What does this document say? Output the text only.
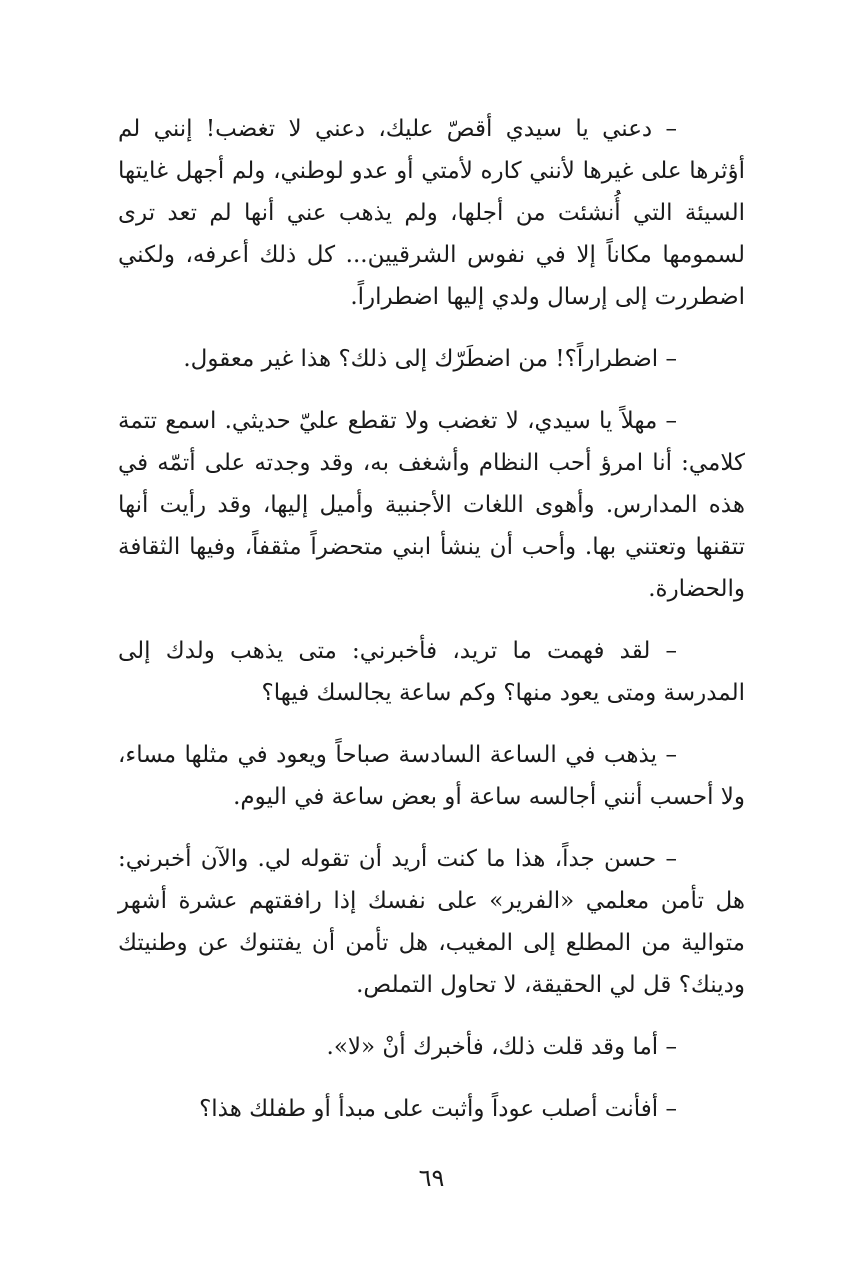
– دعني يا سيدي أقصّ عليك، دعني لا تغضب! إنني لم أؤثرها على غيرها لأنني كاره لأمتي أو عدو لوطني، ولم أجهل غايتها السيئة التي أُنشئت من أجلها، ولم يذهب عني أنها لم تعد ترى لسمومها مكاناً إلا في نفوس الشرقيين... كل ذلك أعرفه، ولكني اضطررت إلى إرسال ولدي إليها اضطراراً.

– اضطراراً؟! من اضطَرّك إلى ذلك؟ هذا غير معقول.

– مهلاً يا سيدي، لا تغضب ولا تقطع عليّ حديثي. اسمع تتمة كلامي: أنا امرؤ أحب النظام وأشغف به، وقد وجدته على أتمّه في هذه المدارس. وأهوى اللغات الأجنبية وأميل إليها، وقد رأيت أنها تتقنها وتعتني بها. وأحب أن ينشأ ابني متحضراً مثقفاً، وفيها الثقافة والحضارة.

– لقد فهمت ما تريد، فأخبرني: متى يذهب ولدك إلى المدرسة ومتى يعود منها؟ وكم ساعة يجالسك فيها؟

– يذهب في الساعة السادسة صباحاً ويعود في مثلها مساء، ولا أحسب أنني أجالسه ساعة أو بعض ساعة في اليوم.

– حسن جداً، هذا ما كنت أريد أن تقوله لي. والآن أخبرني: هل تأمن معلمي «الفرير» على نفسك إذا رافقتهم عشرة أشهر متوالية من المطلع إلى المغيب، هل تأمن أن يفتنوك عن وطنيتك ودينك؟ قل لي الحقيقة، لا تحاول التملص.

– أما وقد قلت ذلك، فأخبرك أنْ «لا».

– أفأنت أصلب عوداً وأثبت على مبدأ أو طفلك هذا؟

٦٩
